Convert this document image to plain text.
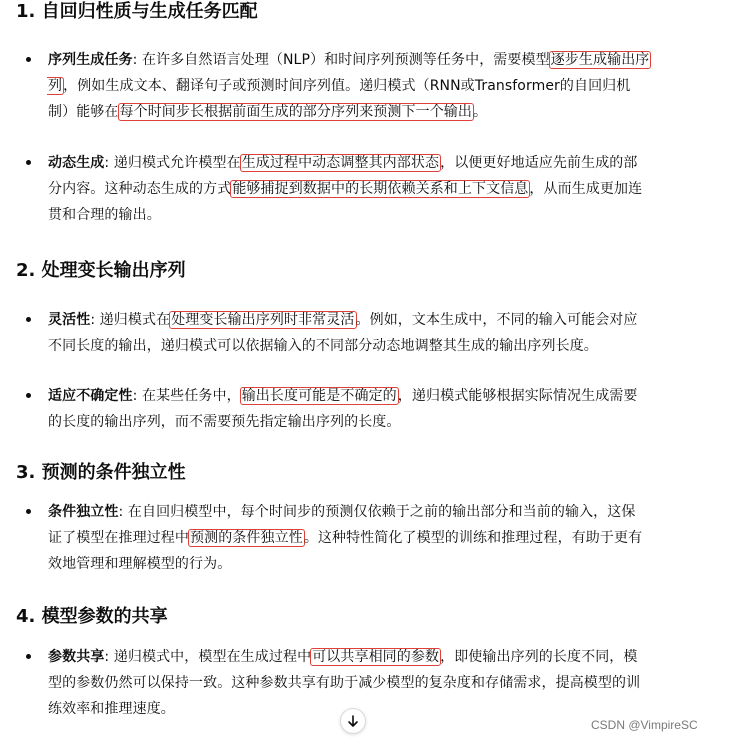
1. 自回归性质与生成任务匹配
序列生成任务: 在许多自然语言处理（NLP）和时间序列预测等任务中，需要模型逐步生成输出序
列，例如生成文本、翻译句子或预测时间序列值。递归模式（RNN或Transformer的自回归机
制）能够在每个时间步长根据前面生成的部分序列来预测下一个输出。
动态生成: 递归模式允许模型在生成过程中动态调整其内部状态，以便更好地适应先前生成的部
分内容。这种动态生成的方式能够捕捉到数据中的长期依赖关系和上下文信息，从而生成更加连
贯和合理的输出。
2. 处理变长输出序列
灵活性: 递归模式在处理变长输出序列时非常灵活。例如，文本生成中，不同的输入可能会对应
不同长度的输出，递归模式可以依据输入的不同部分动态地调整其生成的输出序列长度。
适应不确定性: 在某些任务中，输出长度可能是不确定的，递归模式能够根据实际情况生成需要
的长度的输出序列，而不需要预先指定输出序列的长度。
3. 预测的条件独立性
条件独立性: 在自回归模型中，每个时间步的预测仅依赖于之前的输出部分和当前的输入，这保
证了模型在推理过程中预测的条件独立性。这种特性简化了模型的训练和推理过程，有助于更有
效地管理和理解模型的行为。
4. 模型参数的共享
参数共享: 递归模式中，模型在生成过程中可以共享相同的参数，即使输出序列的长度不同，模
型的参数仍然可以保持一致。这种参数共享有助于减少模型的复杂度和存储需求，提高模型的训
练效率和推理速度。
CSDN @VimpireSC
